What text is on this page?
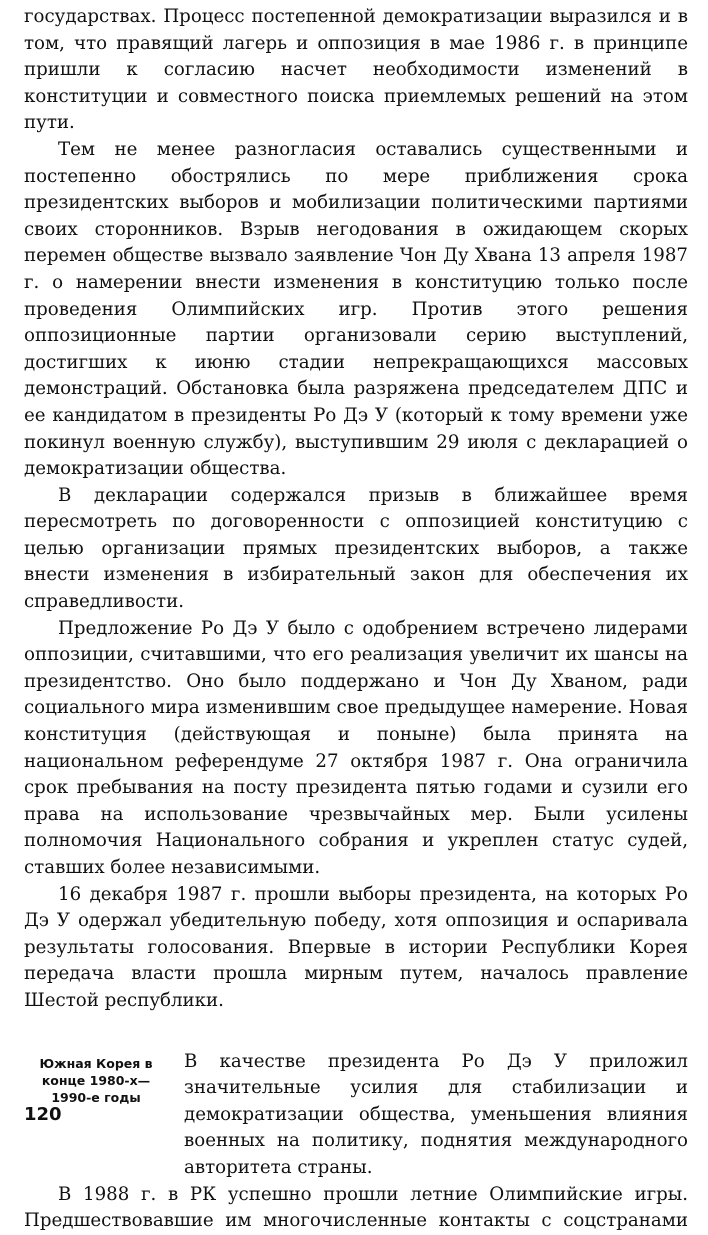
государствах. Процесс постепенной демократизации выразился и в том, что правящий лагерь и оппозиция в мае 1986 г. в принципе пришли к согласию насчет необходимости изменений в конституции и совместного поиска приемлемых решений на этом пути.

Тем не менее разногласия оставались существенными и постепенно обострялись по мере приближения срока президентских выборов и мобилизации политическими партиями своих сторонников. Взрыв негодования в ожидающем скорых перемен обществе вызвало заявление Чон Ду Хвана 13 апреля 1987 г. о намерении внести изменения в конституцию только после проведения Олимпийских игр. Против этого решения оппозиционные партии организовали серию выступлений, достигших к июню стадии непрекращающихся массовых демонстраций. Обстановка была разряжена председателем ДПС и ее кандидатом в президенты Ро Дэ У (который к тому времени уже покинул военную службу), выступившим 29 июля с декларацией о демократизации общества.

В декларации содержался призыв в ближайшее время пересмотреть по договоренности с оппозицией конституцию с целью организации прямых президентских выборов, а также внести изменения в избирательный закон для обеспечения их справедливости.

Предложение Ро Дэ У было с одобрением встречено лидерами оппозиции, считавшими, что его реализация увеличит их шансы на президентство. Оно было поддержано и Чон Ду Хваном, ради социального мира изменившим свое предыдущее намерение. Новая конституция (действующая и поныне) была принята на национальном референдуме 27 октября 1987 г. Она ограничила срок пребывания на посту президента пятью годами и сузили его права на использование чрезвычайных мер. Были усилены полномочия Национального собрания и укреплен статус судей, ставших более независимыми.

16 декабря 1987 г. прошли выборы президента, на которых Ро Дэ У одержал убедительную победу, хотя оппозиция и оспаривала результаты голосования. Впервые в истории Республики Корея передача власти прошла мирным путем, началось правление Шестой республики.

Южная Корея в
конце 1980-х—
1990-е годы

В качестве президента Ро Дэ У приложил значительные усилия для стабилизации и демократизации общества, уменьшения влияния военных на политику, поднятия международного авторитета страны.

В 1988 г. в РК успешно прошли летние Олимпийские игры. Предшествовавшие им многочисленные контакты с соцстранами

120
